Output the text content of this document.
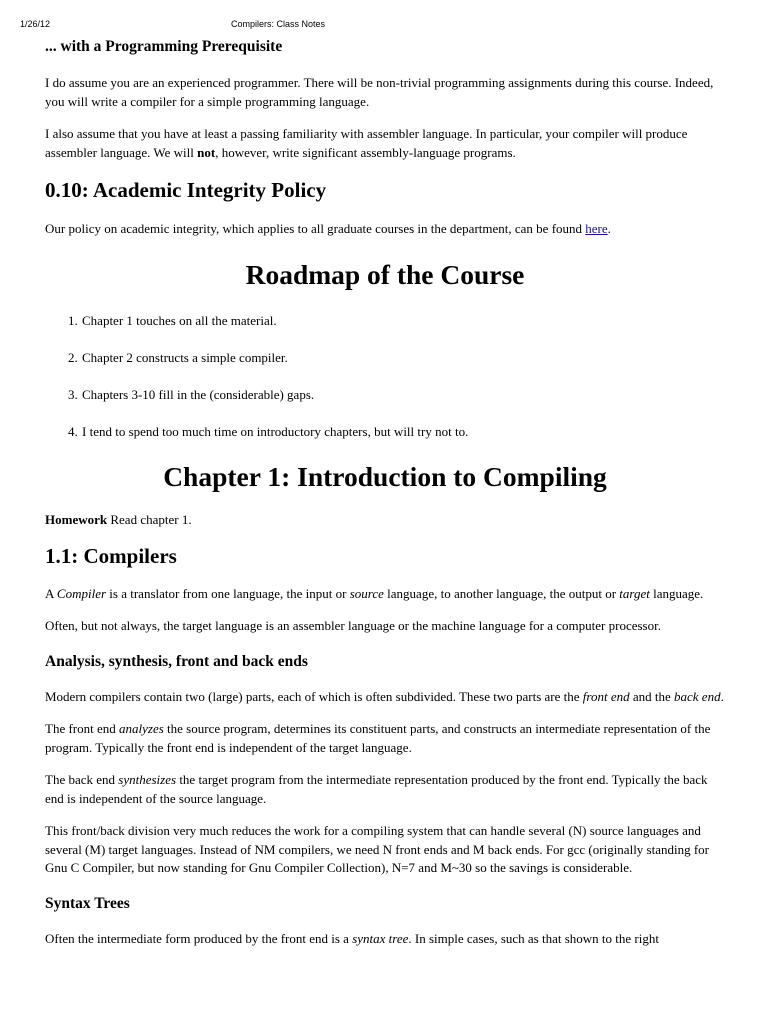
1/26/12	Compilers: Class Notes
... with a Programming Prerequisite

I do assume you are an experienced programmer. There will be non-trivial programming assignments during this course. Indeed, you will write a compiler for a simple programming language.

I also assume that you have at least a passing familiarity with assembler language. In particular, your compiler will produce assembler language. We will not, however, write significant assembly-language programs.

0.10: Academic Integrity Policy

Our policy on academic integrity, which applies to all graduate courses in the department, can be found here.

Roadmap of the Course
1. Chapter 1 touches on all the material.
2. Chapter 2 constructs a simple compiler.
3. Chapters 3-10 fill in the (considerable) gaps.
4. I tend to spend too much time on introductory chapters, but will try not to.
Chapter 1: Introduction to Compiling

Homework Read chapter 1.

1.1: Compilers

A Compiler is a translator from one language, the input or source language, to another language, the output or target language.

Often, but not always, the target language is an assembler language or the machine language for a computer processor.

Analysis, synthesis, front and back ends

Modern compilers contain two (large) parts, each of which is often subdivided. These two parts are the front end and the back end.

The front end analyzes the source program, determines its constituent parts, and constructs an intermediate representation of the program. Typically the front end is independent of the target language.

The back end synthesizes the target program from the intermediate representation produced by the front end. Typically the back end is independent of the source language.

This front/back division very much reduces the work for a compiling system that can handle several (N) source languages and several (M) target languages. Instead of NM compilers, we need N front ends and M back ends. For gcc (originally standing for Gnu C Compiler, but now standing for Gnu Compiler Collection), N=7 and M~30 so the savings is considerable.

Syntax Trees

Often the intermediate form produced by the front end is a syntax tree. In simple cases, such as that shown to the right
